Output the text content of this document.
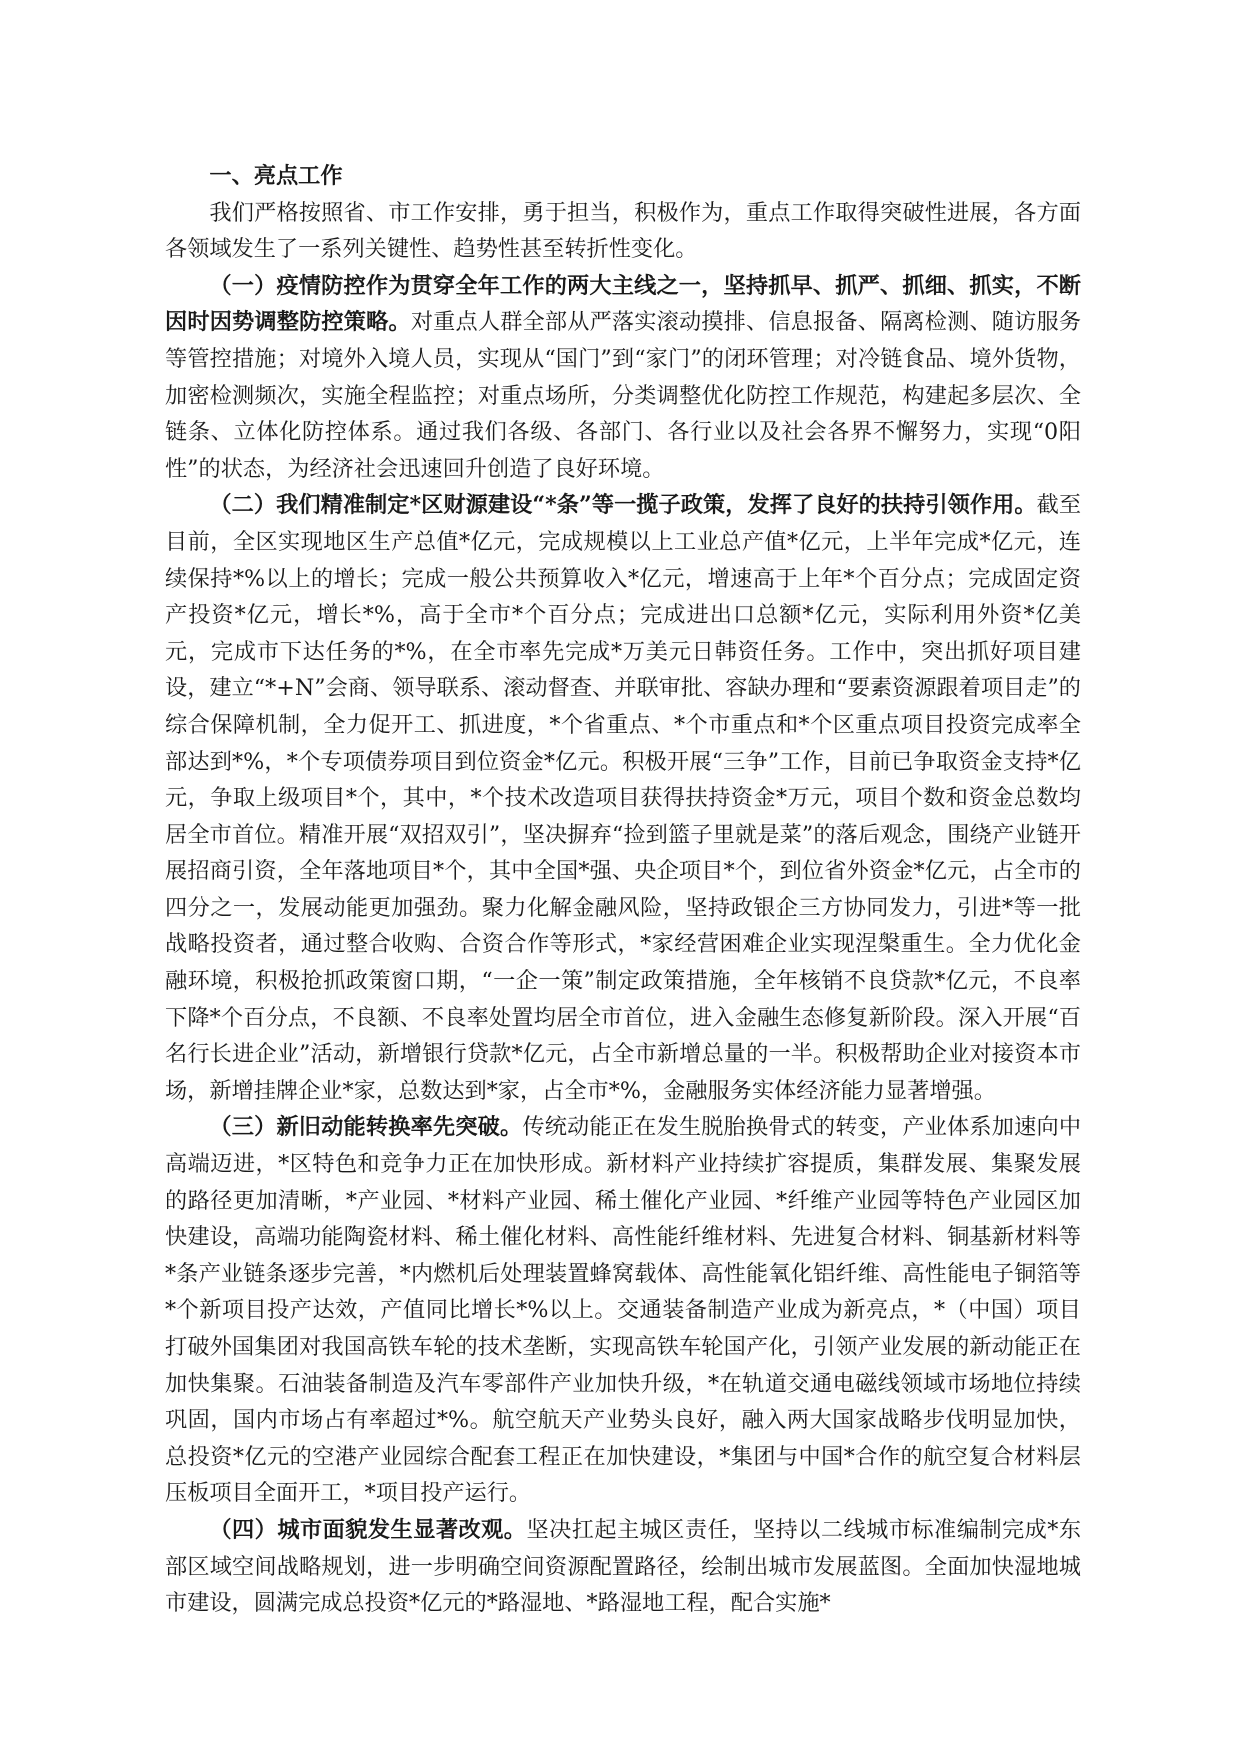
一、亮点工作

我们严格按照省、市工作安排，勇于担当，积极作为，重点工作取得突破性进展，各方面各领域发生了一系列关键性、趋势性甚至转折性变化。

（一）疫情防控作为贯穿全年工作的两大主线之一，坚持抓早、抓严、抓细、抓实，不断因时因势调整防控策略。对重点人群全部从严落实滚动摸排、信息报备、隔离检测、随访服务等管控措施；对境外入境人员，实现从“国门”到“家门”的闭环管理；对冷链食品、境外货物，加密检测频次，实施全程监控；对重点场所，分类调整优化防控工作规范，构建起多层次、全链条、立体化防控体系。通过我们各级、各部门、各行业以及社会各界不懈努力，实现“0阳性”的状态，为经济社会迅速回升创造了良好环境。

（二）我们精准制定*区财源建设“*条”等一揽子政策，发挥了良好的扶持引领作用。截至目前，全区实现地区生产总值*亿元，完成规模以上工业总产值*亿元，上半年完成*亿元，连续保持*%以上的增长；完成一般公共预算收入*亿元，增速高于上年*个百分点；完成固定资产投资*亿元，增长*%，高于全市*个百分点；完成进出口总额*亿元，实际利用外资*亿美元，完成市下达任务的*%，在全市率先完成*万美元日韩资任务。工作中，突出抓好项目建设，建立“*+N”会商、领导联系、滚动督查、并联审批、容缺办理和“要素资源跟着项目走”的综合保障机制，全力促开工、抓进度，*个省重点、*个市重点和*个区重点项目投资完成率全部达到*%，*个专项债券项目到位资金*亿元。积极开展“三争”工作，目前已争取资金支持*亿元，争取上级项目*个，其中，*个技术改造项目获得扶持资金*万元，项目个数和资金总数均居全市首位。精准开展“双招双引”，坚决摒弃“捡到篮子里就是菜”的落后观念，围绕产业链开展招商引资，全年落地项目*个，其中全国*强、央企项目*个，到位省外资金*亿元，占全市的四分之一，发展动能更加强劲。聚力化解金融风险，坚持政银企三方协同发力，引进*等一批战略投资者，通过整合收购、合资合作等形式，*家经营困难企业实现涅槃重生。全力优化金融环境，积极抢抓政策窗口期，“一企一策”制定政策措施，全年核销不良贷款*亿元，不良率下降*个百分点，不良额、不良率处置均居全市首位，进入金融生态修复新阶段。深入开展“百名行长进企业”活动，新增银行贷款*亿元，占全市新增总量的一半。积极帮助企业对接资本市场，新增挂牌企业*家，总数达到*家，占全市*%，金融服务实体经济能力显著增强。

（三）新旧动能转换率先突破。传统动能正在发生脱胎换骨式的转变，产业体系加速向中高端迈进，*区特色和竞争力正在加快形成。新材料产业持续扩容提质，集群发展、集聚发展的路径更加清晰，*产业园、*材料产业园、稀土催化产业园、*纤维产业园等特色产业园区加快建设，高端功能陶瓷材料、稀土催化材料、高性能纤维材料、先进复合材料、铜基新材料等*条产业链条逐步完善，*内燃机后处理装置蜂窝载体、高性能氧化铝纤维、高性能电子铜箔等*个新项目投产达效，产值同比增长*%以上。交通装备制造产业成为新亮点，*（中国）项目打破外国集团对我国高铁车轮的技术垄断，实现高铁车轮国产化，引领产业发展的新动能正在加快集聚。石油装备制造及汽车零部件产业加快升级，*在轨道交通电磁线领域市场地位持续巩固，国内市场占有率超过*%。航空航天产业势头良好，融入两大国家战略步伐明显加快，总投资*亿元的空港产业园综合配套工程正在加快建设，*集团与中国*合作的航空复合材料层压板项目全面开工，*项目投产运行。

（四）城市面貌发生显著改观。坚决扛起主城区责任，坚持以二线城市标准编制完成*东部区域空间战略规划，进一步明确空间资源配置路径，绘制出城市发展蓝图。全面加快湿地城市建设，圆满完成总投资*亿元的*路湿地、*路湿地工程，配合实施*
